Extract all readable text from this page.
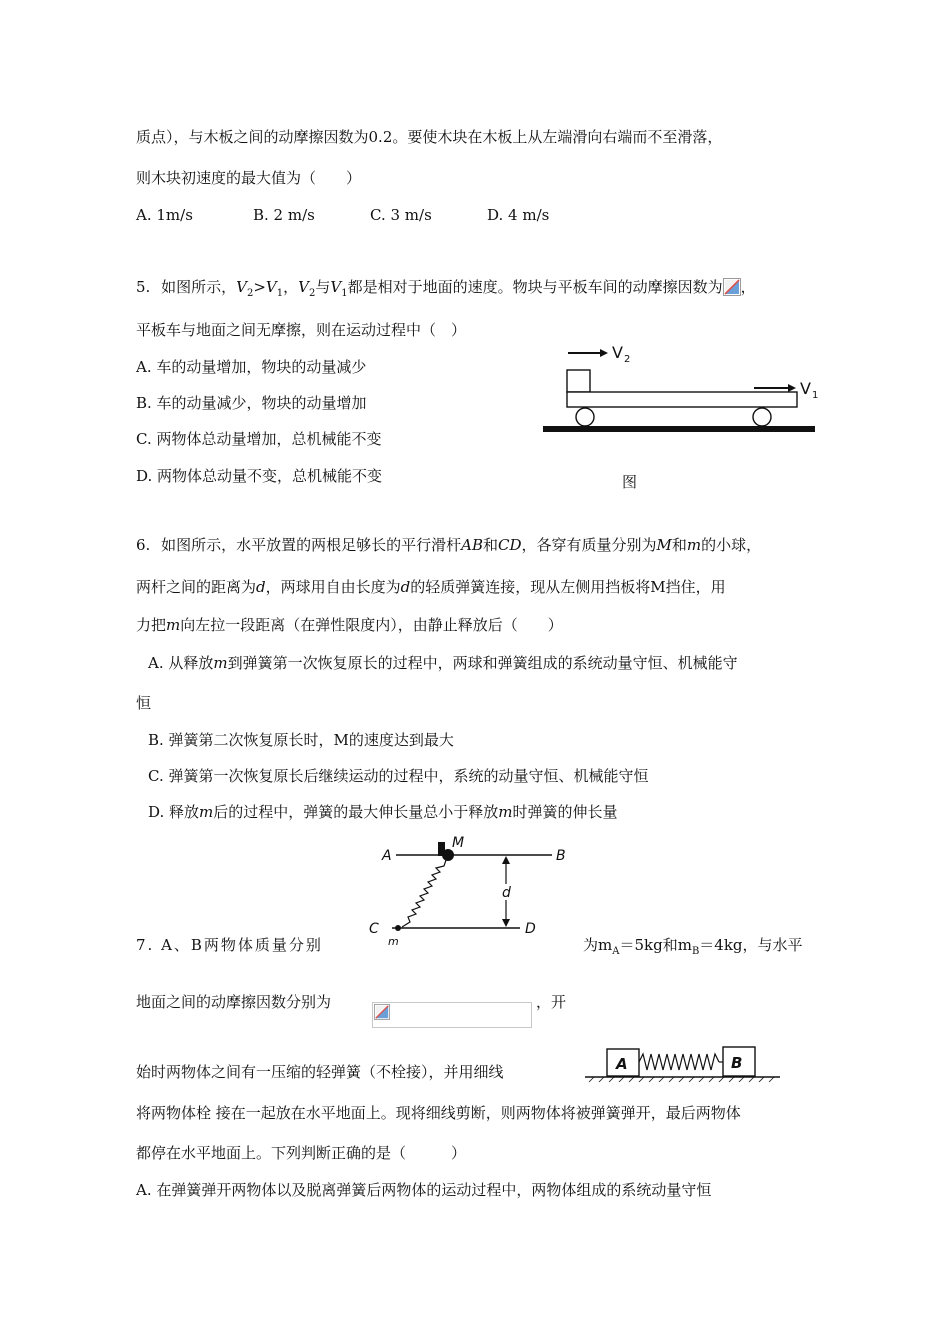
质点），与木板之间的动摩擦因数为0.2。要使木块在木板上从左端滑向右端而不至滑落，
则木块初速度的最大值为（　　）
A. 1m/s	B. 2 m/s	C. 3 m/s	D. 4 m/s
5. 如图所示，$V_2>V_1$，$V_2$与$V_1$都是相对于地面的速度。物块与平板车间的动摩擦因数为 ，
平板车与地面之间无摩擦，则在运动过程中（　）
A. 车的动量增加，物块的动量减少
B. 车的动量减少，物块的动量增加
C. 两物体总动量增加，总机械能不变
D. 两物体总动量不变，总机械能不变
V 2
V 1
图
6. 如图所示，水平放置的两根足够长的平行滑杆AB和CD，各穿有质量分别为M和m的小球，
两杆之间的距离为d，两球用自由长度为d的轻质弹簧连接，现从左侧用挡板将M挡住，用
力把m向左拉一段距离（在弹性限度内），由静止释放后（　　）
A. 从释放m到弹簧第一次恢复原长的过程中，两球和弹簧组成的系统动量守恒、机械能守
恒
B. 弹簧第二次恢复原长时，M的速度达到最大
C. 弹簧第一次恢复原长后继续运动的过程中，系统的动量守恒、机械能守恒
D. 释放m后的过程中，弹簧的最大伸长量总小于释放m时弹簧的伸长量
A	B
M
C	D
m
d
7. A、B两物体质量分别	为$m_A=5kg$和$m_B=4kg$，与水平
地面之间的动摩擦因数分别为	，开
始时两物体之间有一压缩的轻弹簧（不栓接），并用细线	A	B
将两物体栓 接在一起放在水平地面上。现将细线剪断，则两物体将被弹簧弹开，最后两物体
都停在水平地面上。下列判断正确的是（　　　）
A. 在弹簧弹开两物体以及脱离弹簧后两物体的运动过程中，两物体组成的系统动量守恒
